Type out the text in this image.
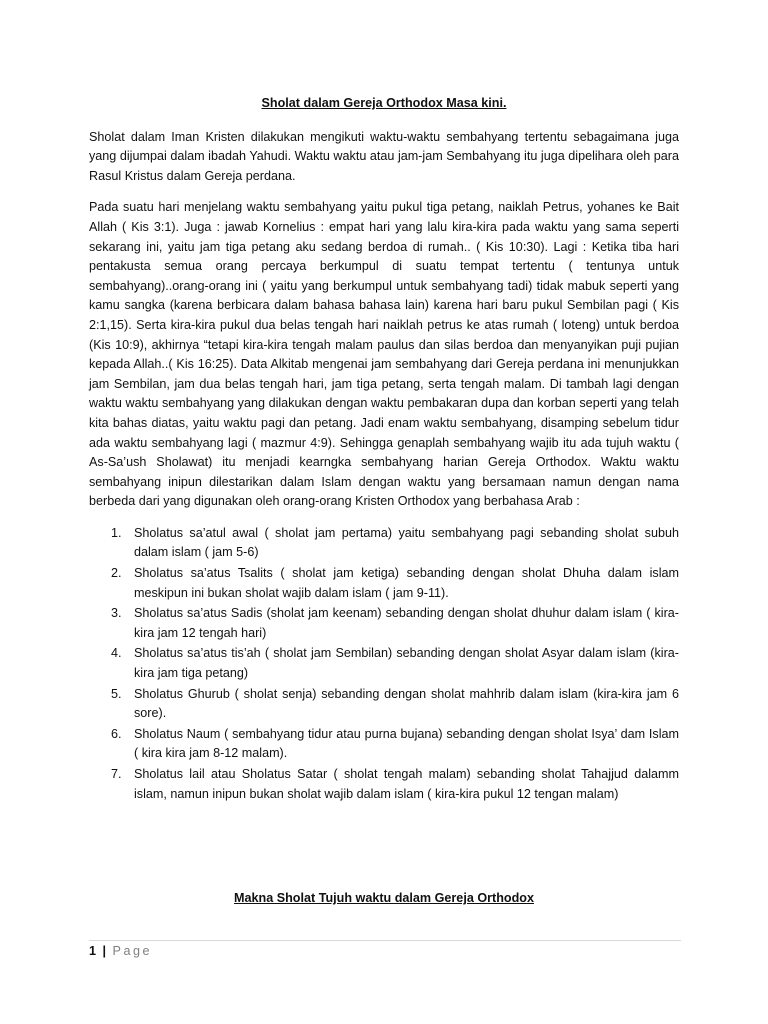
Sholat dalam Gereja Orthodox Masa kini.
Sholat dalam Iman Kristen dilakukan mengikuti waktu-waktu sembahyang tertentu sebagaimana juga yang dijumpai dalam ibadah Yahudi. Waktu waktu atau jam-jam Sembahyang itu juga dipelihara oleh para Rasul Kristus dalam Gereja perdana.
Pada suatu hari menjelang waktu sembahyang yaitu pukul tiga petang, naiklah Petrus, yohanes ke Bait Allah ( Kis 3:1). Juga : jawab Kornelius : empat hari yang lalu kira-kira pada waktu yang sama seperti sekarang ini, yaitu jam tiga petang aku sedang berdoa di rumah.. ( Kis 10:30). Lagi : Ketika tiba hari pentakusta semua orang percaya berkumpul di suatu tempat tertentu ( tentunya untuk sembahyang)..orang-orang ini ( yaitu yang berkumpul untuk sembahyang tadi) tidak mabuk seperti yang kamu sangka (karena berbicara dalam bahasa bahasa lain) karena hari baru pukul Sembilan pagi ( Kis 2:1,15). Serta kira-kira pukul dua belas tengah hari naiklah petrus ke atas rumah ( loteng) untuk berdoa (Kis 10:9), akhirnya “tetapi kira-kira tengah malam paulus dan silas berdoa dan menyanyikan puji pujian kepada Allah..( Kis 16:25). Data Alkitab mengenai jam sembahyang dari Gereja perdana ini menunjukkan jam Sembilan, jam dua belas tengah hari, jam tiga petang, serta tengah malam. Di tambah lagi dengan waktu waktu sembahyang yang dilakukan dengan waktu pembakaran dupa dan korban seperti yang telah kita bahas diatas, yaitu waktu pagi dan petang. Jadi enam waktu sembahyang, disamping sebelum tidur ada waktu sembahyang lagi ( mazmur 4:9). Sehingga genaplah sembahyang wajib itu ada tujuh waktu ( As-Sa’ush Sholawat) itu menjadi kearngka sembahyang harian Gereja Orthodox. Waktu waktu sembahyang inipun dilestarikan dalam Islam dengan waktu yang bersamaan namun dengan nama berbeda dari yang digunakan oleh orang-orang Kristen Orthodox yang berbahasa Arab :
1. Sholatus sa’atul awal ( sholat jam pertama) yaitu sembahyang pagi sebanding sholat subuh dalam islam ( jam 5-6)
2. Sholatus sa’atus Tsalits ( sholat jam ketiga) sebanding dengan sholat Dhuha dalam islam meskipun ini bukan sholat wajib dalam islam ( jam 9-11).
3. Sholatus sa’atus Sadis (sholat jam keenam) sebanding dengan sholat dhuhur dalam islam ( kira-kira jam 12 tengah hari)
4. Sholatus sa’atus tis’ah ( sholat jam Sembilan) sebanding dengan sholat Asyar dalam islam (kira-kira jam tiga petang)
5. Sholatus Ghurub ( sholat senja) sebanding dengan sholat mahhrib dalam islam (kira-kira jam 6 sore).
6. Sholatus Naum ( sembahyang tidur atau purna bujana) sebanding dengan sholat Isya’ dam Islam ( kira kira jam 8-12 malam).
7. Sholatus lail atau Sholatus Satar ( sholat tengah malam) sebanding sholat Tahajjud dalamm islam, namun inipun bukan sholat wajib dalam islam ( kira-kira pukul 12 tengan malam)
Makna Sholat Tujuh waktu dalam Gereja Orthodox
1 | Page
